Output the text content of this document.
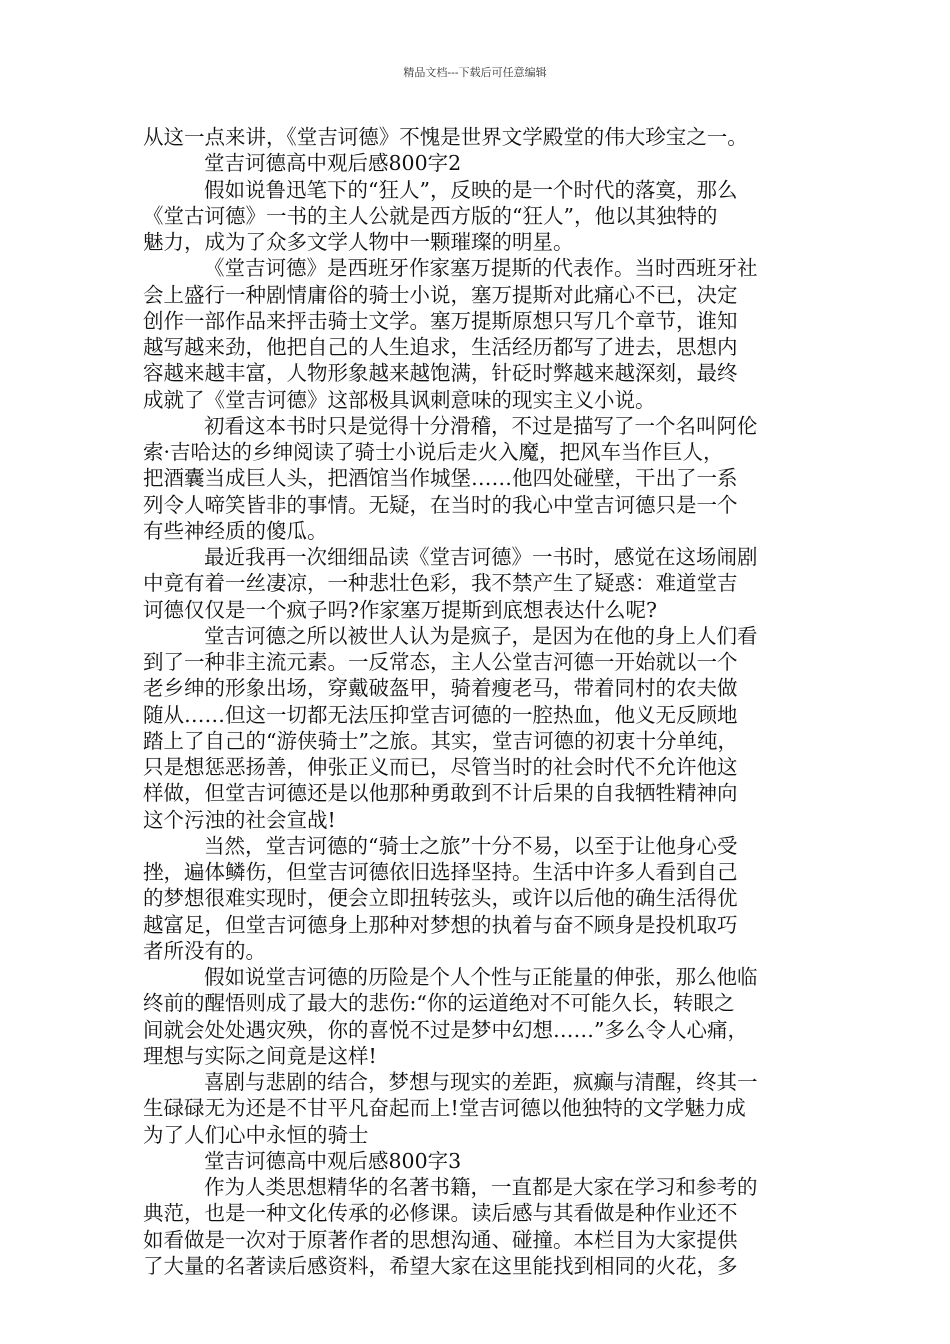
精品文档---下载后可任意编辑
从这一点来讲，《堂吉诃德》不愧是世界文学殿堂的伟大珍宝之一。
堂吉诃德高中观后感800字2
假如说鲁迅笔下的“狂人”，反映的是一个时代的落寞，那么
《堂古诃德》一书的主人公就是西方版的“狂人”，他以其独特的
魅力，成为了众多文学人物中一颗璀璨的明星。
《堂吉诃德》是西班牙作家塞万提斯的代表作。当时西班牙社
会上盛行一种剧情庸俗的骑士小说，塞万提斯对此痛心不已，决定
创作一部作品来抨击骑士文学。塞万提斯原想只写几个章节，谁知
越写越来劲，他把自己的人生追求，生活经历都写了进去，思想内
容越来越丰富，人物形象越来越饱满，针砭时弊越来越深刻，最终
成就了《堂吉诃德》这部极具讽刺意味的现实主义小说。
初看这本书时只是觉得十分滑稽，不过是描写了一个名叫阿伦
索·吉哈达的乡绅阅读了骑士小说后走火入魔，把风车当作巨人，
把酒囊当成巨人头，把酒馆当作城堡……他四处碰壁，干出了一系
列令人啼笑皆非的事情。无疑，在当时的我心中堂吉诃德只是一个
有些神经质的傻瓜。
最近我再一次细细品读《堂吉诃德》一书时，感觉在这场闹剧
中竟有着一丝凄凉，一种悲壮色彩，我不禁产生了疑惑：难道堂吉
诃德仅仅是一个疯子吗?作家塞万提斯到底想表达什么呢?
堂吉诃德之所以被世人认为是疯子，是因为在他的身上人们看
到了一种非主流元素。一反常态，主人公堂吉河德一开始就以一个
老乡绅的形象出场，穿戴破盔甲，骑着瘦老马，带着同村的农夫做
随从……但这一切都无法压抑堂吉诃德的一腔热血，他义无反顾地
踏上了自己的“游侠骑士”之旅。其实，堂吉诃德的初衷十分单纯，
只是想惩恶扬善，伸张正义而已，尽管当时的社会时代不允许他这
样做，但堂吉诃德还是以他那种勇敢到不计后果的自我牺牲精神向
这个污浊的社会宣战!
当然，堂吉诃德的“骑士之旅”十分不易，以至于让他身心受
挫，遍体鳞伤，但堂吉诃德依旧选择坚持。生活中许多人看到自己
的梦想很难实现时，便会立即扭转弦头，或许以后他的确生活得优
越富足，但堂吉诃德身上那种对梦想的执着与奋不顾身是投机取巧
者所没有的。
假如说堂吉诃德的历险是个人个性与正能量的伸张，那么他临
终前的醒悟则成了最大的悲伤:“你的运道绝对不可能久长，转眼之
间就会处处遇灾殃，你的喜悦不过是梦中幻想……”多么令人心痛，
理想与实际之间竟是这样!
喜剧与悲剧的结合，梦想与现实的差距，疯癫与清醒，终其一
生碌碌无为还是不甘平凡奋起而上!堂吉诃德以他独特的文学魅力成
为了人们心中永恒的骑士
堂吉诃德高中观后感800字3
作为人类思想精华的名著书籍，一直都是大家在学习和参考的
典范，也是一种文化传承的必修课。读后感与其看做是种作业还不
如看做是一次对于原著作者的思想沟通、碰撞。本栏目为大家提供
了大量的名著读后感资料，希望大家在这里能找到相同的火花，多
